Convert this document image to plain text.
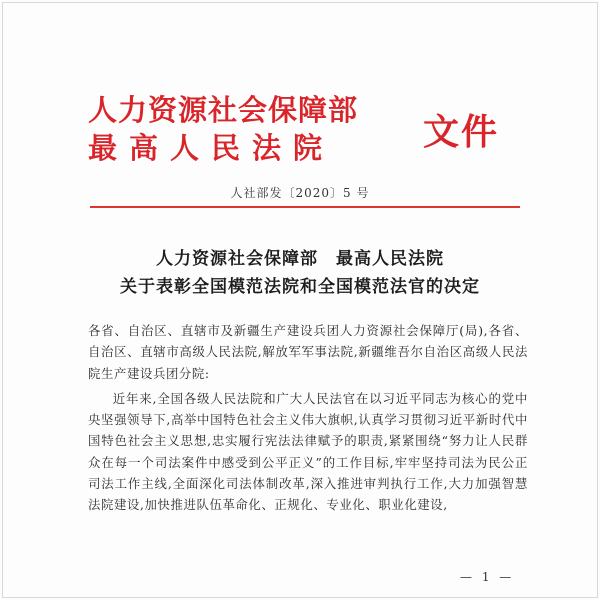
人力资源社会保障部
最高人民法院 文件
人社部发〔2020〕5 号
人力资源社会保障部　最高人民法院
关于表彰全国模范法院和全国模范法官的决定

各省、自治区、直辖市及新疆生产建设兵团人力资源社会保障厅(局),各省、自治区、直辖市高级人民法院,解放军军事法院,新疆维吾尔自治区高级人民法院生产建设兵团分院:

近年来,全国各级人民法院和广大人民法官在以习近平同志为核心的党中央坚强领导下,高举中国特色社会主义伟大旗帜,认真学习贯彻习近平新时代中国特色社会主义思想,忠实履行宪法法律赋予的职责,紧紧围绕“努力让人民群众在每一个司法案件中感受到公平正义”的工作目标,牢牢坚持司法为民公正司法工作主线,全面深化司法体制改革,深入推进审判执行工作,大力加强智慧法院建设,加快推进队伍革命化、正规化、专业化、职业化建设,

— 1 —
